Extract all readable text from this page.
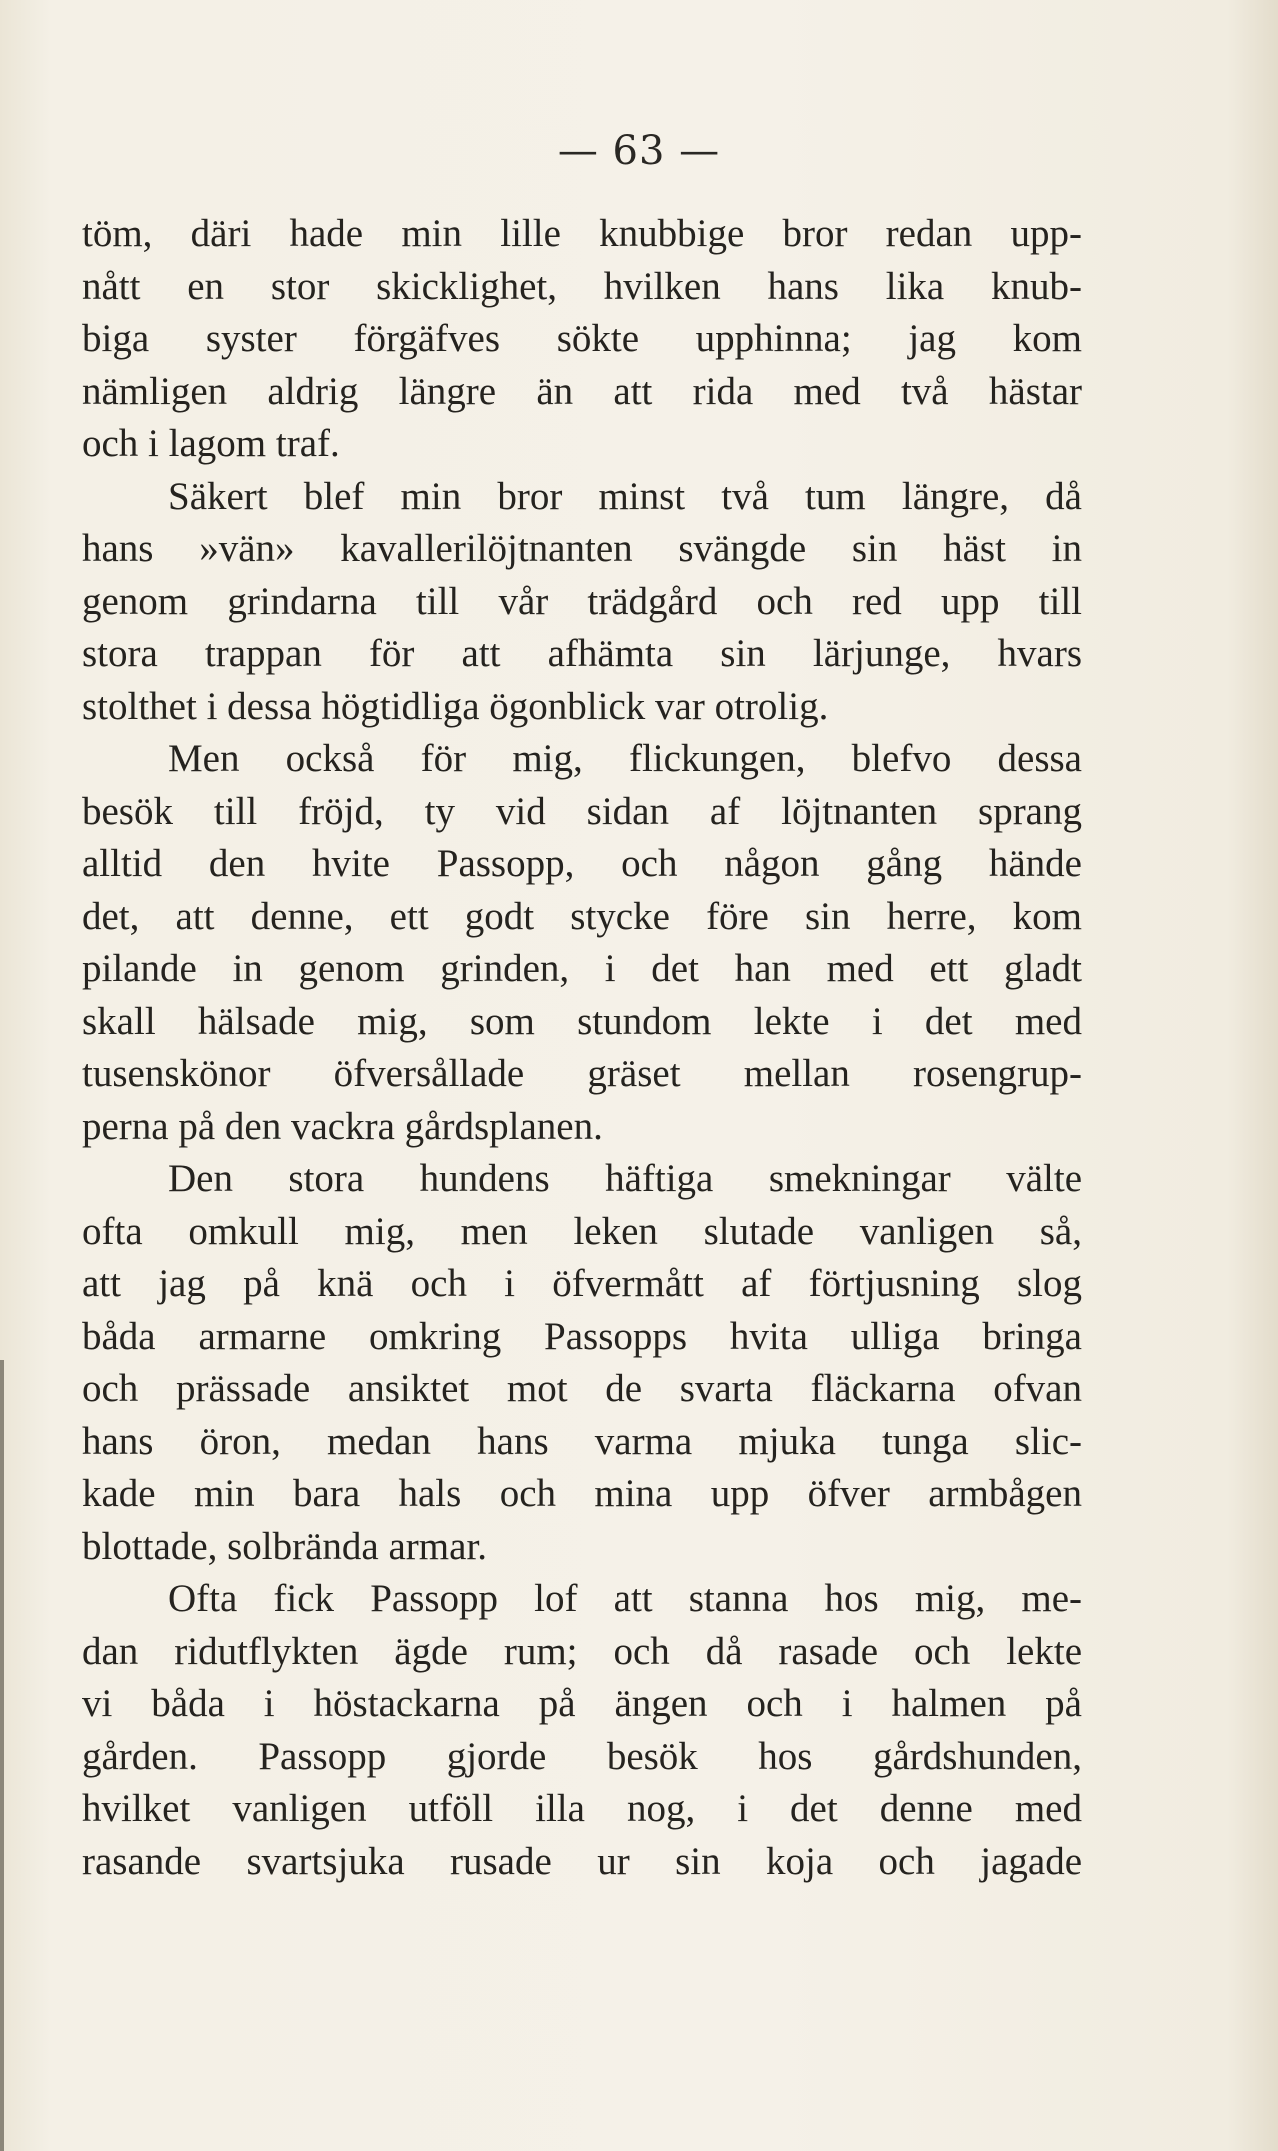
— 63 —
töm, däri hade min lille knubbige bror redan upp-
nått en stor skicklighet, hvilken hans lika knub-
biga syster förgäfves sökte upphinna; jag kom
nämligen aldrig längre än att rida med två hästar
och i lagom traf.
Säkert blef min bror minst två tum längre, då
hans »vän» kavallerilöjtnanten svängde sin häst in
genom grindarna till vår trädgård och red upp till
stora trappan för att afhämta sin lärjunge, hvars
stolthet i dessa högtidliga ögonblick var otrolig.
Men också för mig, flickungen, blefvo dessa
besök till fröjd, ty vid sidan af löjtnanten sprang
alltid den hvite Passopp, och någon gång hände
det, att denne, ett godt stycke före sin herre, kom
pilande in genom grinden, i det han med ett gladt
skall hälsade mig, som stundom lekte i det med
tusenskönor öfversållade gräset mellan rosengrup-
perna på den vackra gårdsplanen.
Den stora hundens häftiga smekningar välte
ofta omkull mig, men leken slutade vanligen så,
att jag på knä och i öfvermått af förtjusning slog
båda armarne omkring Passopps hvita ulliga bringa
och prässade ansiktet mot de svarta fläckarna ofvan
hans öron, medan hans varma mjuka tunga slic-
kade min bara hals och mina upp öfver armbågen
blottade, solbrända armar.
Ofta fick Passopp lof att stanna hos mig, me-
dan ridutflykten ägde rum; och då rasade och lekte
vi båda i höstackarna på ängen och i halmen på
gården. Passopp gjorde besök hos gårdshunden,
hvilket vanligen utföll illa nog, i det denne med
rasande svartsjuka rusade ur sin koja och jagade
